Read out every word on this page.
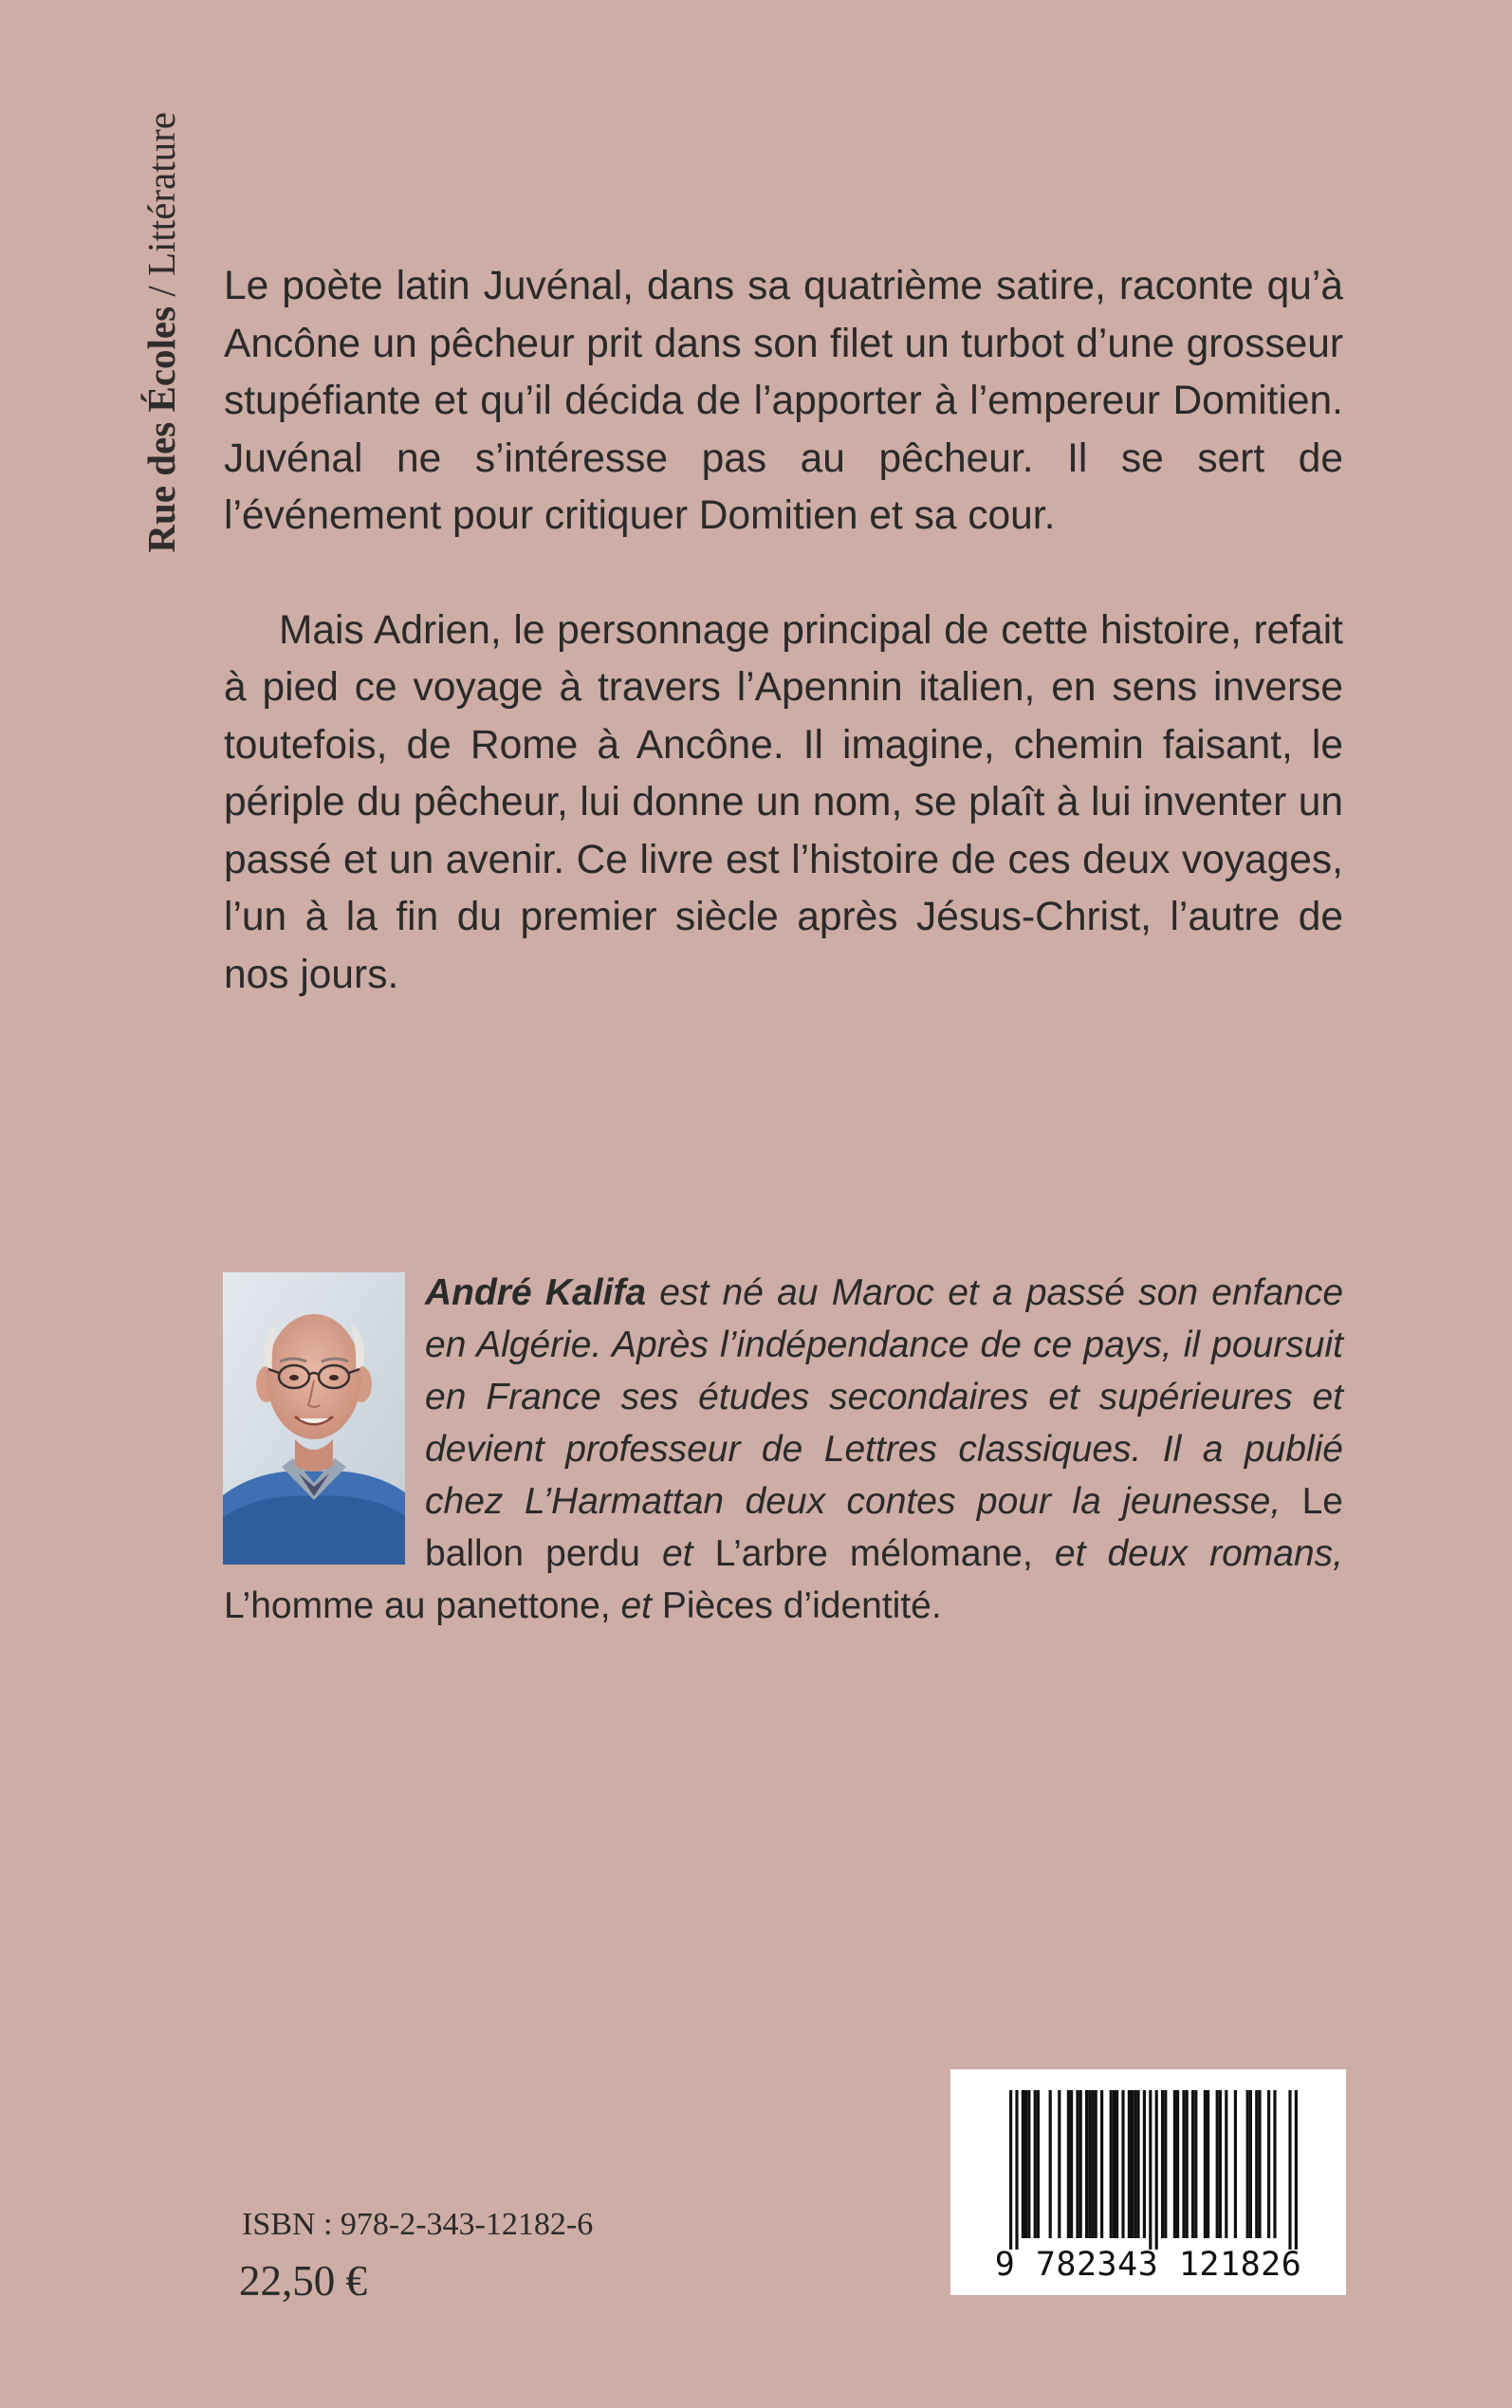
Rue des Écoles / Littérature

Le poète latin Juvénal, dans sa quatrième satire, raconte qu’à Ancône un pêcheur prit dans son filet un turbot d’une grosseur stupéfiante et qu’il décida de l’apporter à l’empereur Domitien. Juvénal ne s’intéresse pas au pêcheur. Il se sert de l’événement pour critiquer Domitien et sa cour.

Mais Adrien, le personnage principal de cette histoire, refait à pied ce voyage à travers l’Apennin italien, en sens inverse toutefois, de Rome à Ancône. Il imagine, chemin faisant, le périple du pêcheur, lui donne un nom, se plaît à lui inventer un passé et un avenir. Ce livre est l’histoire de ces deux voyages, l’un à la fin du premier siècle après Jésus-Christ, l’autre de nos jours.

André Kalifa est né au Maroc et a passé son enfance en Algérie. Après l’indépendance de ce pays, il poursuit en France ses études secondaires et supérieures et devient professeur de Lettres classiques. Il a publié chez L’Harmattan deux contes pour la jeunesse, Le ballon perdu et L’arbre mélomane, et deux romans, L’homme au panettone, et Pièces d’identité.
9 782343 121826
ISBN : 978-2-343-12182-6
22,50 €
